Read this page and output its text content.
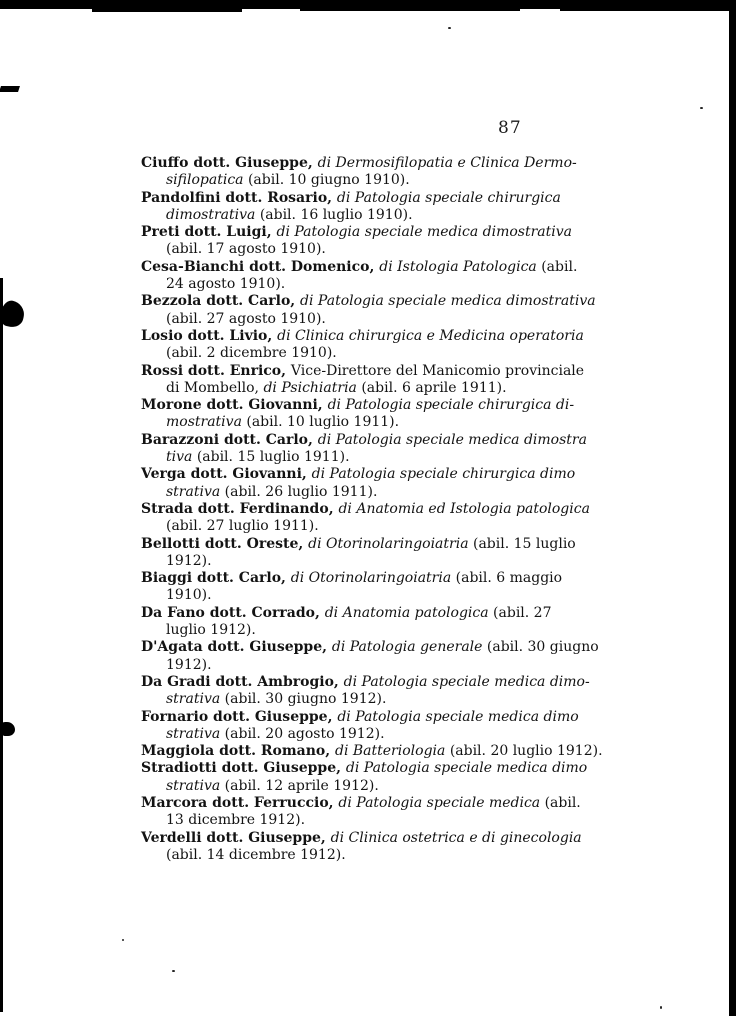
87
Ciuffo dott. Giuseppe, di Dermosifilopatia e Clinica Dermo-
sifilopatica (abil. 10 giugno 1910).
Pandolfini dott. Rosario, di Patologia speciale chirurgica
dimostrativa (abil. 16 luglio 1910).
Preti dott. Luigi, di Patologia speciale medica dimostrativa
(abil. 17 agosto 1910).
Cesa-Bianchi dott. Domenico, di Istologia Patologica (abil.
24 agosto 1910).
Bezzola dott. Carlo, di Patologia speciale medica dimostrativa
(abil. 27 agosto 1910).
Losio dott. Livio, di Clinica chirurgica e Medicina operatoria
(abil. 2 dicembre 1910).
Rossi dott. Enrico, Vice-Direttore del Manicomio provinciale
di Mombello, di Psichiatria (abil. 6 aprile 1911).
Morone dott. Giovanni, di Patologia speciale chirurgica di-
mostrativa (abil. 10 luglio 1911).
Barazzoni dott. Carlo, di Patologia speciale medica dimostra
tiva (abil. 15 luglio 1911).
Verga dott. Giovanni, di Patologia speciale chirurgica dimo
strativa (abil. 26 luglio 1911).
Strada dott. Ferdinando, di Anatomia ed Istologia patologica
(abil. 27 luglio 1911).
Bellotti dott. Oreste, di Otorinolaringoiatria (abil. 15 luglio
1912).
Biaggi dott. Carlo, di Otorinolaringoiatria (abil. 6 maggio
1910).
Da Fano dott. Corrado, di Anatomia patologica (abil. 27
luglio 1912).
D'Agata dott. Giuseppe, di Patologia generale (abil. 30 giugno
1912).
Da Gradi dott. Ambrogio, di Patologia speciale medica dimo-
strativa (abil. 30 giugno 1912).
Fornario dott. Giuseppe, di Patologia speciale medica dimo
strativa (abil. 20 agosto 1912).
Maggiola dott. Romano, di Batteriologia (abil. 20 luglio 1912).
Stradiotti dott. Giuseppe, di Patologia speciale medica dimo
strativa (abil. 12 aprile 1912).
Marcora dott. Ferruccio, di Patologia speciale medica (abil.
13 dicembre 1912).
Verdelli dott. Giuseppe, di Clinica ostetrica e di ginecologia
(abil. 14 dicembre 1912).
